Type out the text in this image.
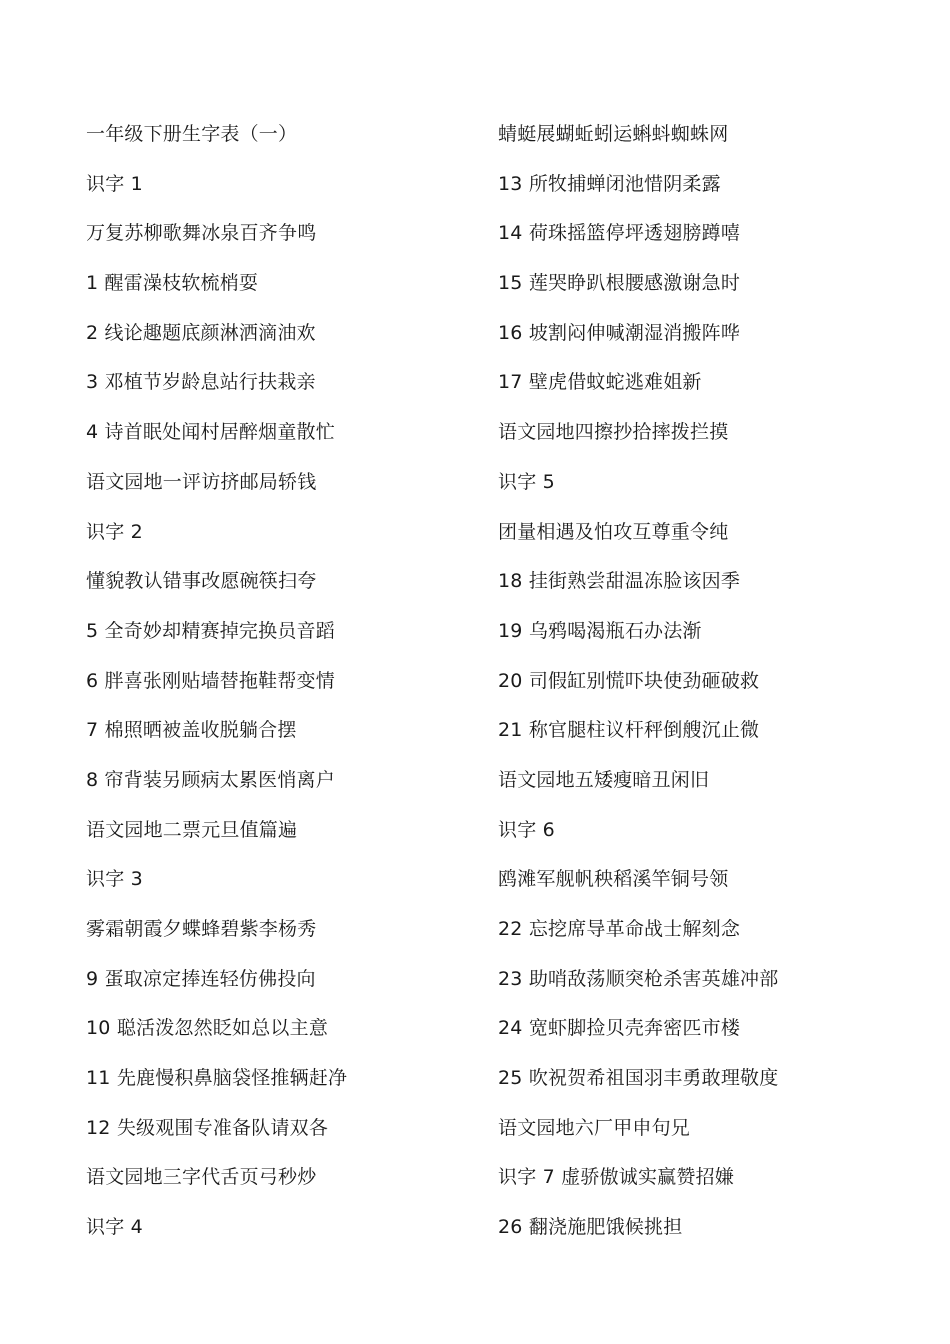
一年级下册生字表（一）
识字 1
万复苏柳歌舞冰泉百齐争鸣
1 醒雷澡枝软梳梢耍
2 线论趣题底颜淋洒滴油欢
3 邓植节岁龄息站行扶栽亲
4 诗首眠处闻村居醉烟童散忙
语文园地一评访挤邮局轿钱
识字 2
懂貌教认错事改愿碗筷扫夸
5 全奇妙却精赛掉完换员音蹈
6 胖喜张刚贴墙替拖鞋帮变情
7 棉照晒被盖收脱躺合摆
8 帘背装另顾病太累医悄离户
语文园地二票元旦值篇遍
识字 3
雾霜朝霞夕蝶蜂碧紫李杨秀
9 蛋取凉定捧连轻仿佛投向
10 聪活泼忽然眨如总以主意
11 先鹿慢积鼻脑袋怪推辆赶净
12 失级观围专准备队请双各
语文园地三字代舌页弓秒炒
识字 4
蜻蜓展蝴蚯蚓运蝌蚪蜘蛛网
13 所牧捕蝉闭池惜阴柔露
14 荷珠摇篮停坪透翅膀蹲嘻
15 莲哭睁趴根腰感激谢急时
16 坡割闷伸喊潮湿消搬阵哗
17 壁虎借蚊蛇逃难姐新
语文园地四擦抄拾摔拨拦摸
识字 5
团量相遇及怕攻互尊重令纯
18 挂街熟尝甜温冻脸该因季
19 乌鸦喝渴瓶石办法渐
20 司假缸别慌吓块使劲砸破救
21 称官腿柱议杆秤倒艘沉止微
语文园地五矮瘦暗丑闲旧
识字 6
鸥滩军舰帆秧稻溪竿铜号领
22 忘挖席导革命战士解刻念
23 助哨敌荡顺突枪杀害英雄冲部
24 宽虾脚捡贝壳奔密匹市楼
25 吹祝贺希祖国羽丰勇敢理敬度
语文园地六厂甲申句兄
识字 7 虚骄傲诚实赢赞招嫌
26 翻浇施肥饿候挑担
